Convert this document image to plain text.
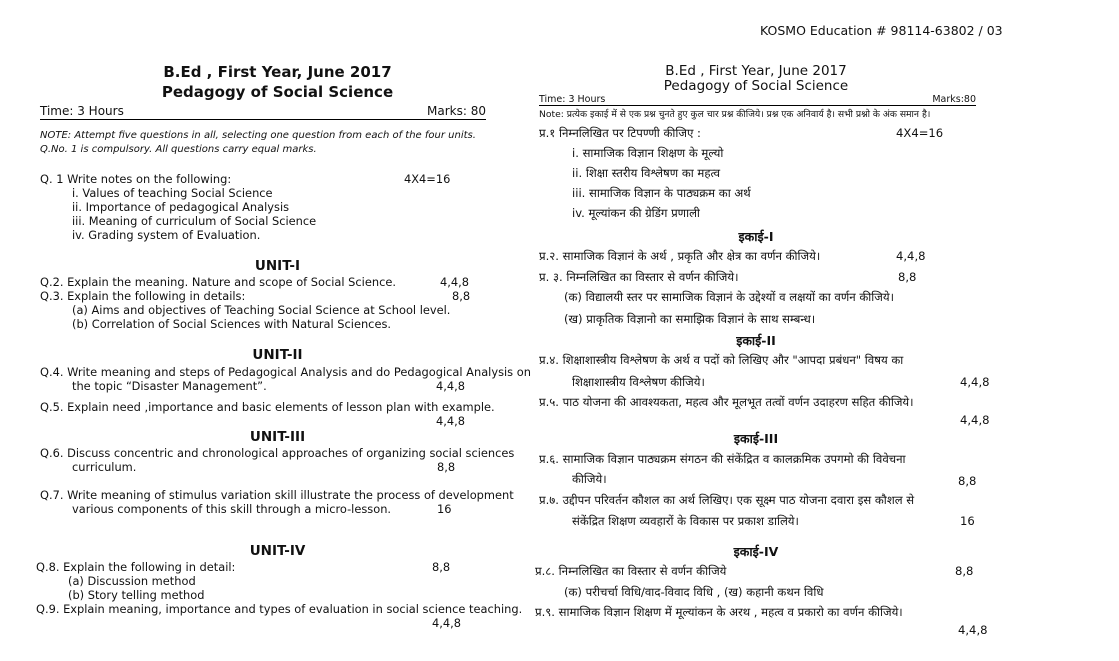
KOSMO Education # 98114-63802 / 03
B.Ed , First Year, June 2017
Pedagogy of Social Science
Time: 3 Hours	Marks: 80
NOTE: Attempt five questions in all, selecting one question from each of the four units.
Q.No. 1 is compulsory. All questions carry equal marks.
Q. 1 Write notes on the following:	4X4=16
i. Values of teaching Social Science
ii. Importance of pedagogical Analysis
iii. Meaning of curriculum of Social Science
iv. Grading system of Evaluation.
UNIT-I
Q.2. Explain the meaning. Nature and scope of Social Science.	4,4,8
Q.3. Explain the following in details:	8,8
(a) Aims and objectives of Teaching Social Science at School level.
(b) Correlation of Social Sciences with Natural Sciences.
UNIT-II
Q.4. Write meaning and steps of Pedagogical Analysis and do Pedagogical Analysis on
the topic “Disaster Management”.	4,4,8
Q.5. Explain need ,importance and basic elements of lesson plan with example.
4,4,8
UNIT-III
Q.6. Discuss concentric and chronological approaches of organizing social sciences
curriculum.	8,8
Q.7. Write meaning of stimulus variation skill illustrate the process of development
various components of this skill through a micro-lesson.	16
UNIT-IV
Q.8. Explain the following in detail:	8,8
(a) Discussion method
(b) Story telling method
Q.9. Explain meaning, importance and types of evaluation in social science teaching.
4,4,8
B.Ed , First Year, June 2017
Pedagogy of Social Science
Time: 3 Hours	Marks:80
Note: प्रत्येक इकाई में से एक प्रश्न चुनते हुए कुल चार प्रश्न कीजिये। प्रश्न एक अनिवार्य है। सभी प्रश्नो के अंक समान है।
प्र.१ निम्नलिखित पर टिपण्णी कीजिए :	4X4=16
i. सामाजिक विज्ञान शिक्षण के मूल्यो
ii. शिक्षा स्तरीय विश्लेषण का महत्व
iii. सामाजिक विज्ञान के पाठ्यक्रम का अर्थ
iv. मूल्यांकन की ग्रेडिंग प्रणाली
इकाई-I
प्र.२. सामाजिक विज्ञानं के अर्थ , प्रकृति और क्षेत्र का वर्णन कीजिये।	4,4,8
प्र. ३. निम्नलिखित का विस्तार से वर्णन कीजिये।	8,8
(क) विद्यालयी स्तर पर सामाजिक विज्ञानं के उद्देश्यों व लक्षयों का वर्णन कीजिये।
(ख) प्राकृतिक विज्ञानो का समाझिक विज्ञानं के साथ सम्बन्ध।
इकाई-II
प्र.४. शिक्षाशास्त्रीय विश्लेषण के अर्थ व पदों को लिखिए और "आपदा प्रबंधन" विषय का
शिक्षाशास्त्रीय विश्लेषण कीजिये।	4,4,8
प्र.५. पाठ योजना की आवश्यकता, महत्व और मूलभूत तत्वों वर्णन उदाहरण सहित कीजिये।
4,4,8
इकाई-III
प्र.६. सामाजिक विज्ञान पाठ्यक्रम संगठन की संकेंद्रित व कालक्रमिक उपगमो की विवेचना
कीजिये।	8,8
प्र.७. उद्दीपन परिवर्तन कौशल का अर्थ लिखिए। एक सूक्ष्म पाठ योजना दवारा इस कौशल से
संकेंद्रित शिक्षण व्यवहारों के विकास पर प्रकाश डालिये।	16
इकाई-IV
प्र.८. निम्नलिखित का विस्तार से वर्णन कीजिये	8,8
(क) परीचर्चा विधि/वाद-विवाद विधि , (ख) कहानी कथन विधि
प्र.९. सामाजिक विज्ञान शिक्षण में मूल्यांकन के अरथ , महत्व व प्रकारो का वर्णन कीजिये।
4,4,8
